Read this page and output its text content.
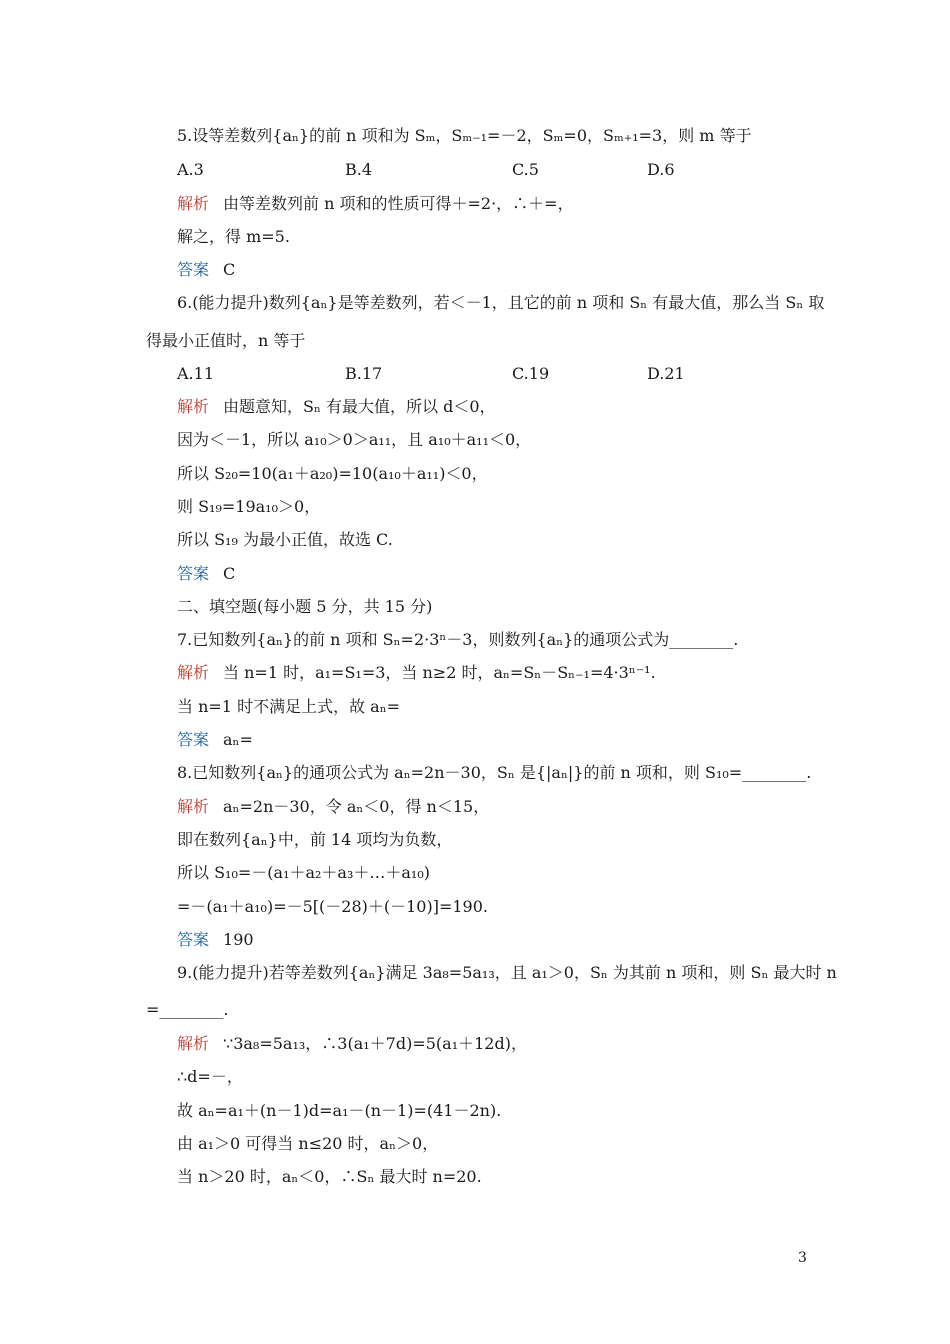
5.设等差数列{aₙ}的前 n 项和为 Sₘ，Sₘ₋₁=－2，Sₘ=0，Sₘ₊₁=3，则 m 等于
A.3	B.4	C.5	D.6
解析 由等差数列前 n 项和的性质可得＋=2·，∴＋=，
解之，得 m=5.
答案 C
6.(能力提升)数列{aₙ}是等差数列，若＜－1，且它的前 n 项和 Sₙ 有最大值，那么当 Sₙ 取
得最小正值时，n 等于
A.11	B.17	C.19	D.21
解析 由题意知，Sₙ 有最大值，所以 d＜0，
因为＜－1，所以 a₁₀＞0＞a₁₁，且 a₁₀＋a₁₁＜0，
所以 S₂₀=10(a₁＋a₂₀)=10(a₁₀＋a₁₁)＜0，
则 S₁₉=19a₁₀＞0，
所以 S₁₉ 为最小正值，故选 C.
答案 C
二、填空题(每小题 5 分，共 15 分)
7.已知数列{aₙ}的前 n 项和 Sₙ=2·3ⁿ－3，则数列{aₙ}的通项公式为________.
解析 当 n=1 时，a₁=S₁=3，当 n≥2 时，aₙ=Sₙ－Sₙ₋₁=4·3ⁿ⁻¹.
当 n=1 时不满足上式，故 aₙ=
答案 aₙ=
8.已知数列{aₙ}的通项公式为 aₙ=2n－30，Sₙ 是{|aₙ|}的前 n 项和，则 S₁₀=________.
解析 aₙ=2n－30，令 aₙ＜0，得 n＜15，
即在数列{aₙ}中，前 14 项均为负数，
所以 S₁₀=－(a₁＋a₂＋a₃＋…＋a₁₀)
=－(a₁＋a₁₀)=－5[(－28)＋(－10)]=190.
答案 190
9.(能力提升)若等差数列{aₙ}满足 3a₈=5a₁₃，且 a₁＞0，Sₙ 为其前 n 项和，则 Sₙ 最大时 n
=________.
解析 ∵3a₈=5a₁₃，∴3(a₁＋7d)=5(a₁＋12d)，
∴d=－，
故 aₙ=a₁＋(n－1)d=a₁－(n－1)=(41－2n).
由 a₁＞0 可得当 n≤20 时，aₙ＞0，
当 n＞20 时，aₙ＜0，∴Sₙ 最大时 n=20.
3
